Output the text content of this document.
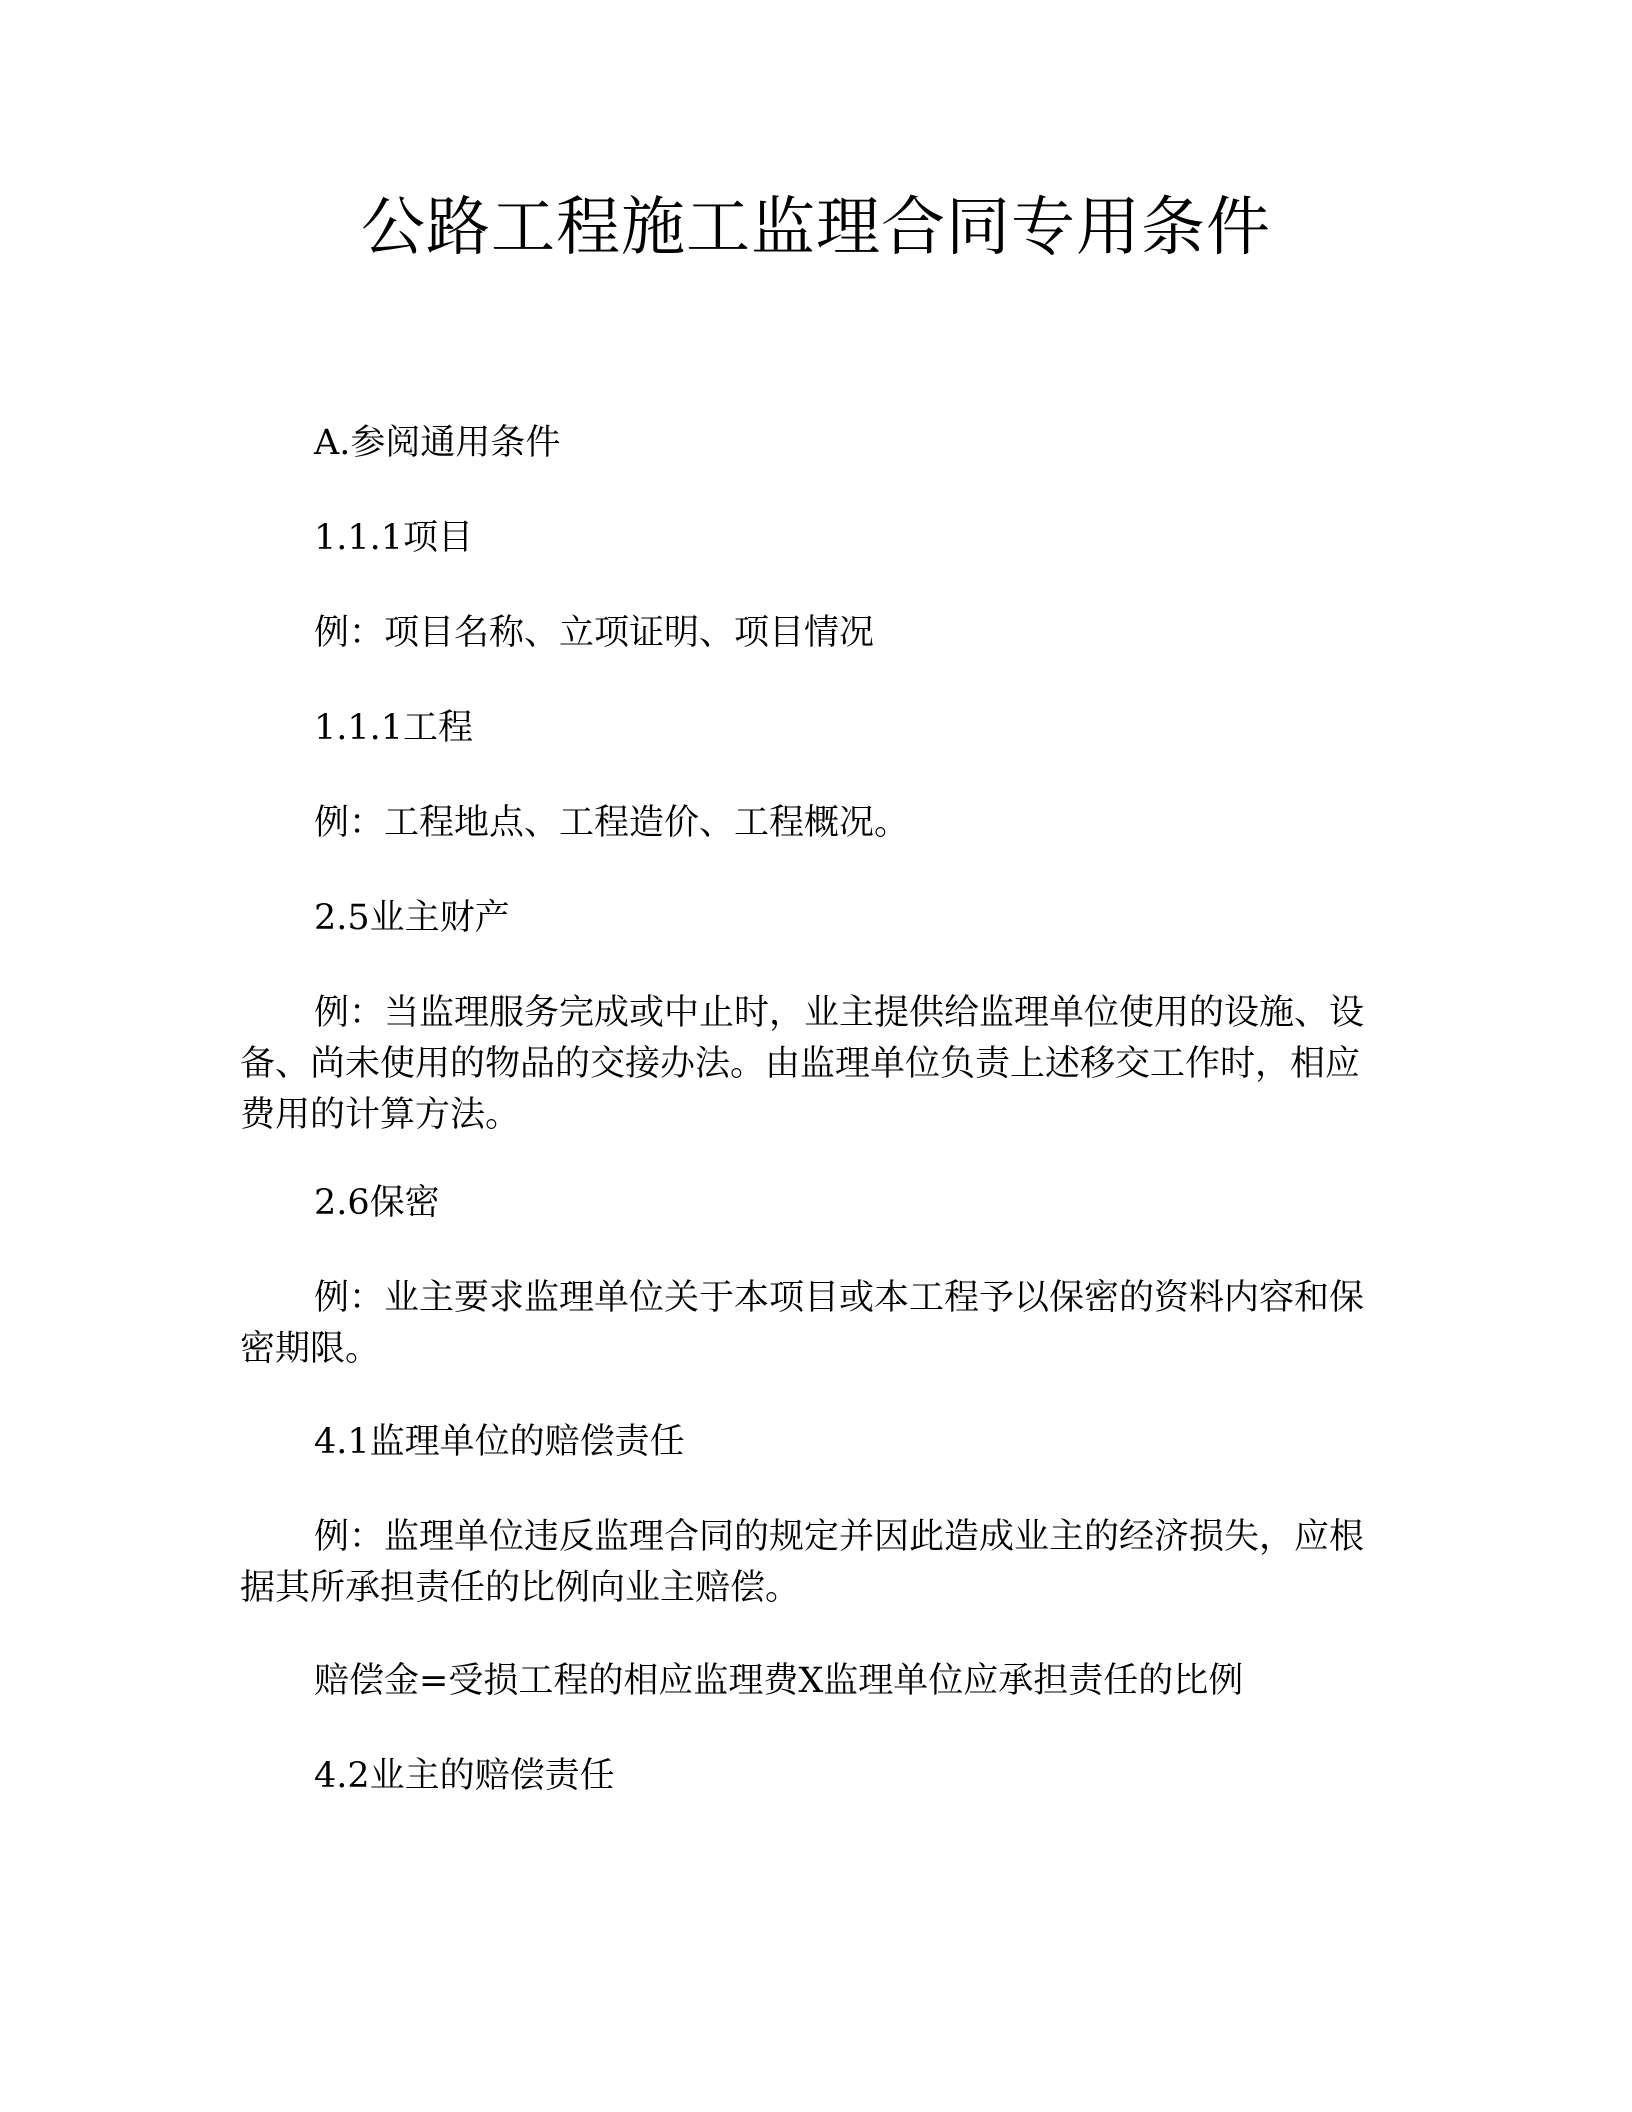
公路工程施工监理合同专用条件

A.参阅通用条件

1.1.1项目

例：项目名称、立项证明、项目情况

1.1.1工程

例：工程地点、工程造价、工程概况。

2.5业主财产

例：当监理服务完成或中止时，业主提供给监理单位使用的设施、设备、尚未使用的物品的交接办法。由监理单位负责上述移交工作时，相应费用的计算方法。

2.6保密

例：业主要求监理单位关于本项目或本工程予以保密的资料内容和保密期限。

4.1监理单位的赔偿责任

例：监理单位违反监理合同的规定并因此造成业主的经济损失，应根据其所承担责任的比例向业主赔偿。

赔偿金=受损工程的相应监理费X监理单位应承担责任的比例

4.2业主的赔偿责任
